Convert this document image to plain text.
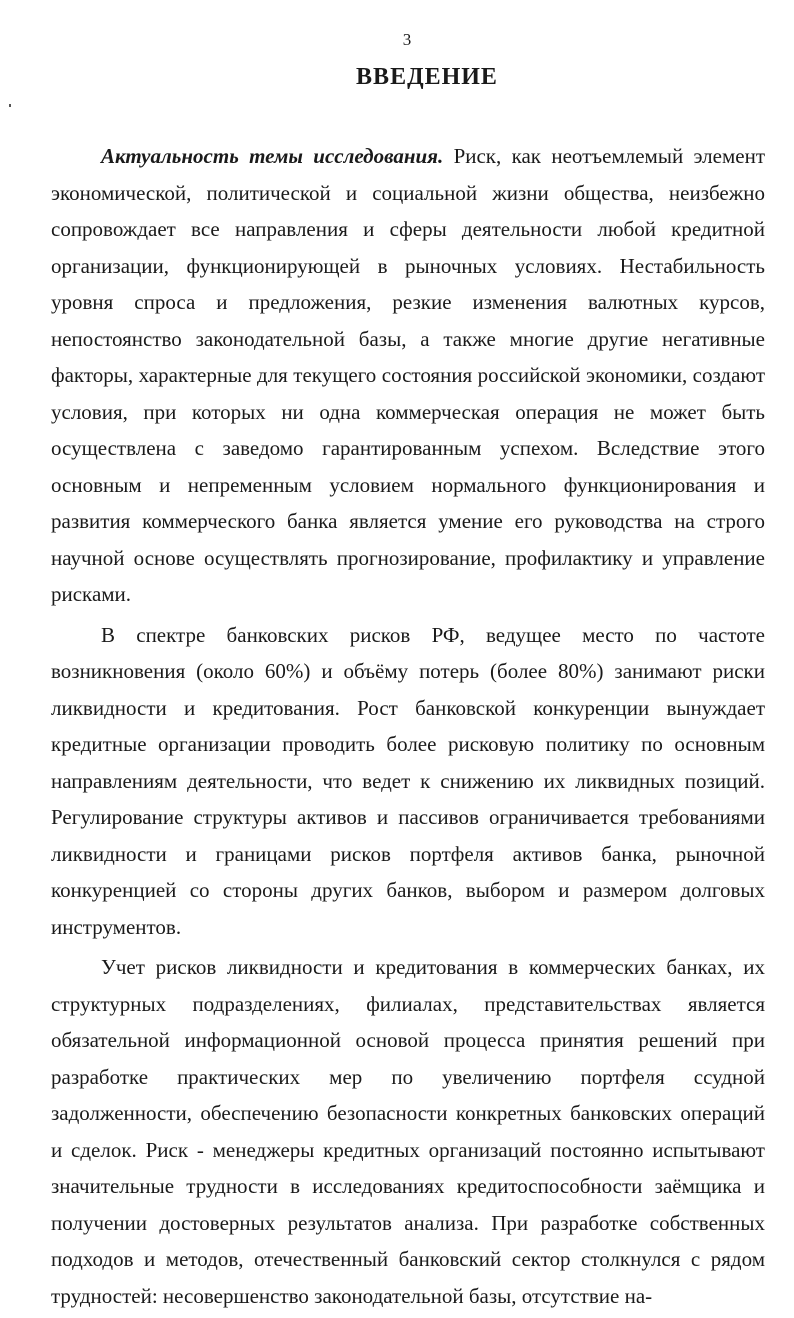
3
ВВЕДЕНИЕ

Актуальность темы исследования. Риск, как неотъемлемый элемент экономической, политической и социальной жизни общества, неизбежно сопровождает все направления и сферы деятельности любой кредитной организации, функционирующей в рыночных условиях. Нестабильность уровня спроса и предложения, резкие изменения валютных курсов, непостоянство законодательной базы, а также многие другие негативные факторы, характерные для текущего состояния российской экономики, создают условия, при которых ни одна коммерческая операция не может быть осуществлена с заведомо гарантированным успехом. Вследствие этого основным и непременным условием нормального функционирования и развития коммерческого банка является умение его руководства на строго научной основе осуществлять прогнозирование, профилактику и управление рисками.

В спектре банковских рисков РФ, ведущее место по частоте возникновения (около 60%) и объёму потерь (более 80%) занимают риски ликвидности и кредитования. Рост банковской конкуренции вынуждает кредитные организации проводить более рисковую политику по основным направлениям деятельности, что ведет к снижению их ликвидных позиций. Регулирование структуры активов и пассивов ограничивается требованиями ликвидности и границами рисков портфеля активов банка, рыночной конкуренцией со стороны других банков, выбором и размером долговых инструментов.

Учет рисков ликвидности и кредитования в коммерческих банках, их структурных подразделениях, филиалах, представительствах является обязательной информационной основой процесса принятия решений при разработке практических мер по увеличению портфеля ссудной задолженности, обеспечению безопасности конкретных банковских операций и сделок. Риск - менеджеры кредитных организаций постоянно испытывают значительные трудности в исследованиях кредитоспособности заёмщика и получении достоверных результатов анализа. При разработке собственных подходов и методов, отечественный банковский сектор столкнулся с рядом трудностей: несовершенство законодательной базы, отсутствие на-
